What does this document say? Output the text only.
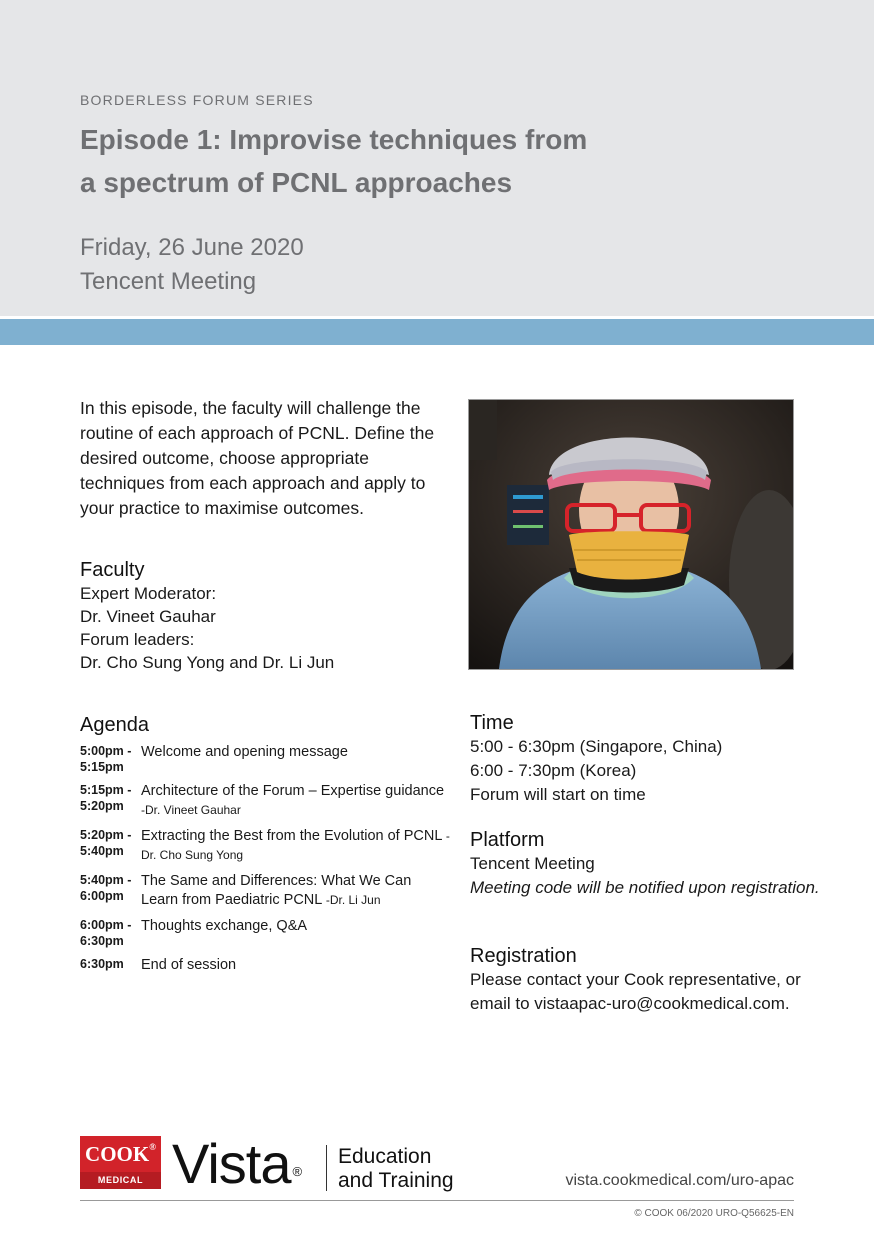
BORDERLESS FORUM SERIES
Episode 1: Improvise techniques from
a spectrum of PCNL approaches
Friday, 26 June 2020
Tencent Meeting
In this episode, the faculty will challenge the routine of each approach of PCNL. Define the desired outcome, choose appropriate techniques from each approach and apply to your practice to maximise outcomes.
Faculty
Expert Moderator:
Dr. Vineet Gauhar
Forum leaders:
Dr. Cho Sung Yong and Dr. Li Jun
Agenda
5:00pm -
5:15pm
Welcome and opening message
5:15pm -
5:20pm
Architecture of the Forum – Expertise guidance -Dr. Vineet Gauhar
5:20pm -
5:40pm
Extracting the Best from the Evolution of PCNL -Dr. Cho Sung Yong
5:40pm -
6:00pm
The Same and Differences: What We Can Learn from Paediatric PCNL -Dr. Li Jun
6:00pm -
6:30pm
Thoughts exchange, Q&A
6:30pm	End of session
Time
5:00 - 6:30pm (Singapore, China)
6:00 - 7:30pm (Korea)
Forum will start on time
Platform
Tencent Meeting
Meeting code will be notified upon registration.
Registration
Please contact your Cook representative, or email to vistaapac-uro@cookmedical.com.
COOK®
MEDICAL Vista ®
Education
and Training	vista.cookmedical.com/uro-apac
© COOK 06/2020 URO-Q56625-EN
